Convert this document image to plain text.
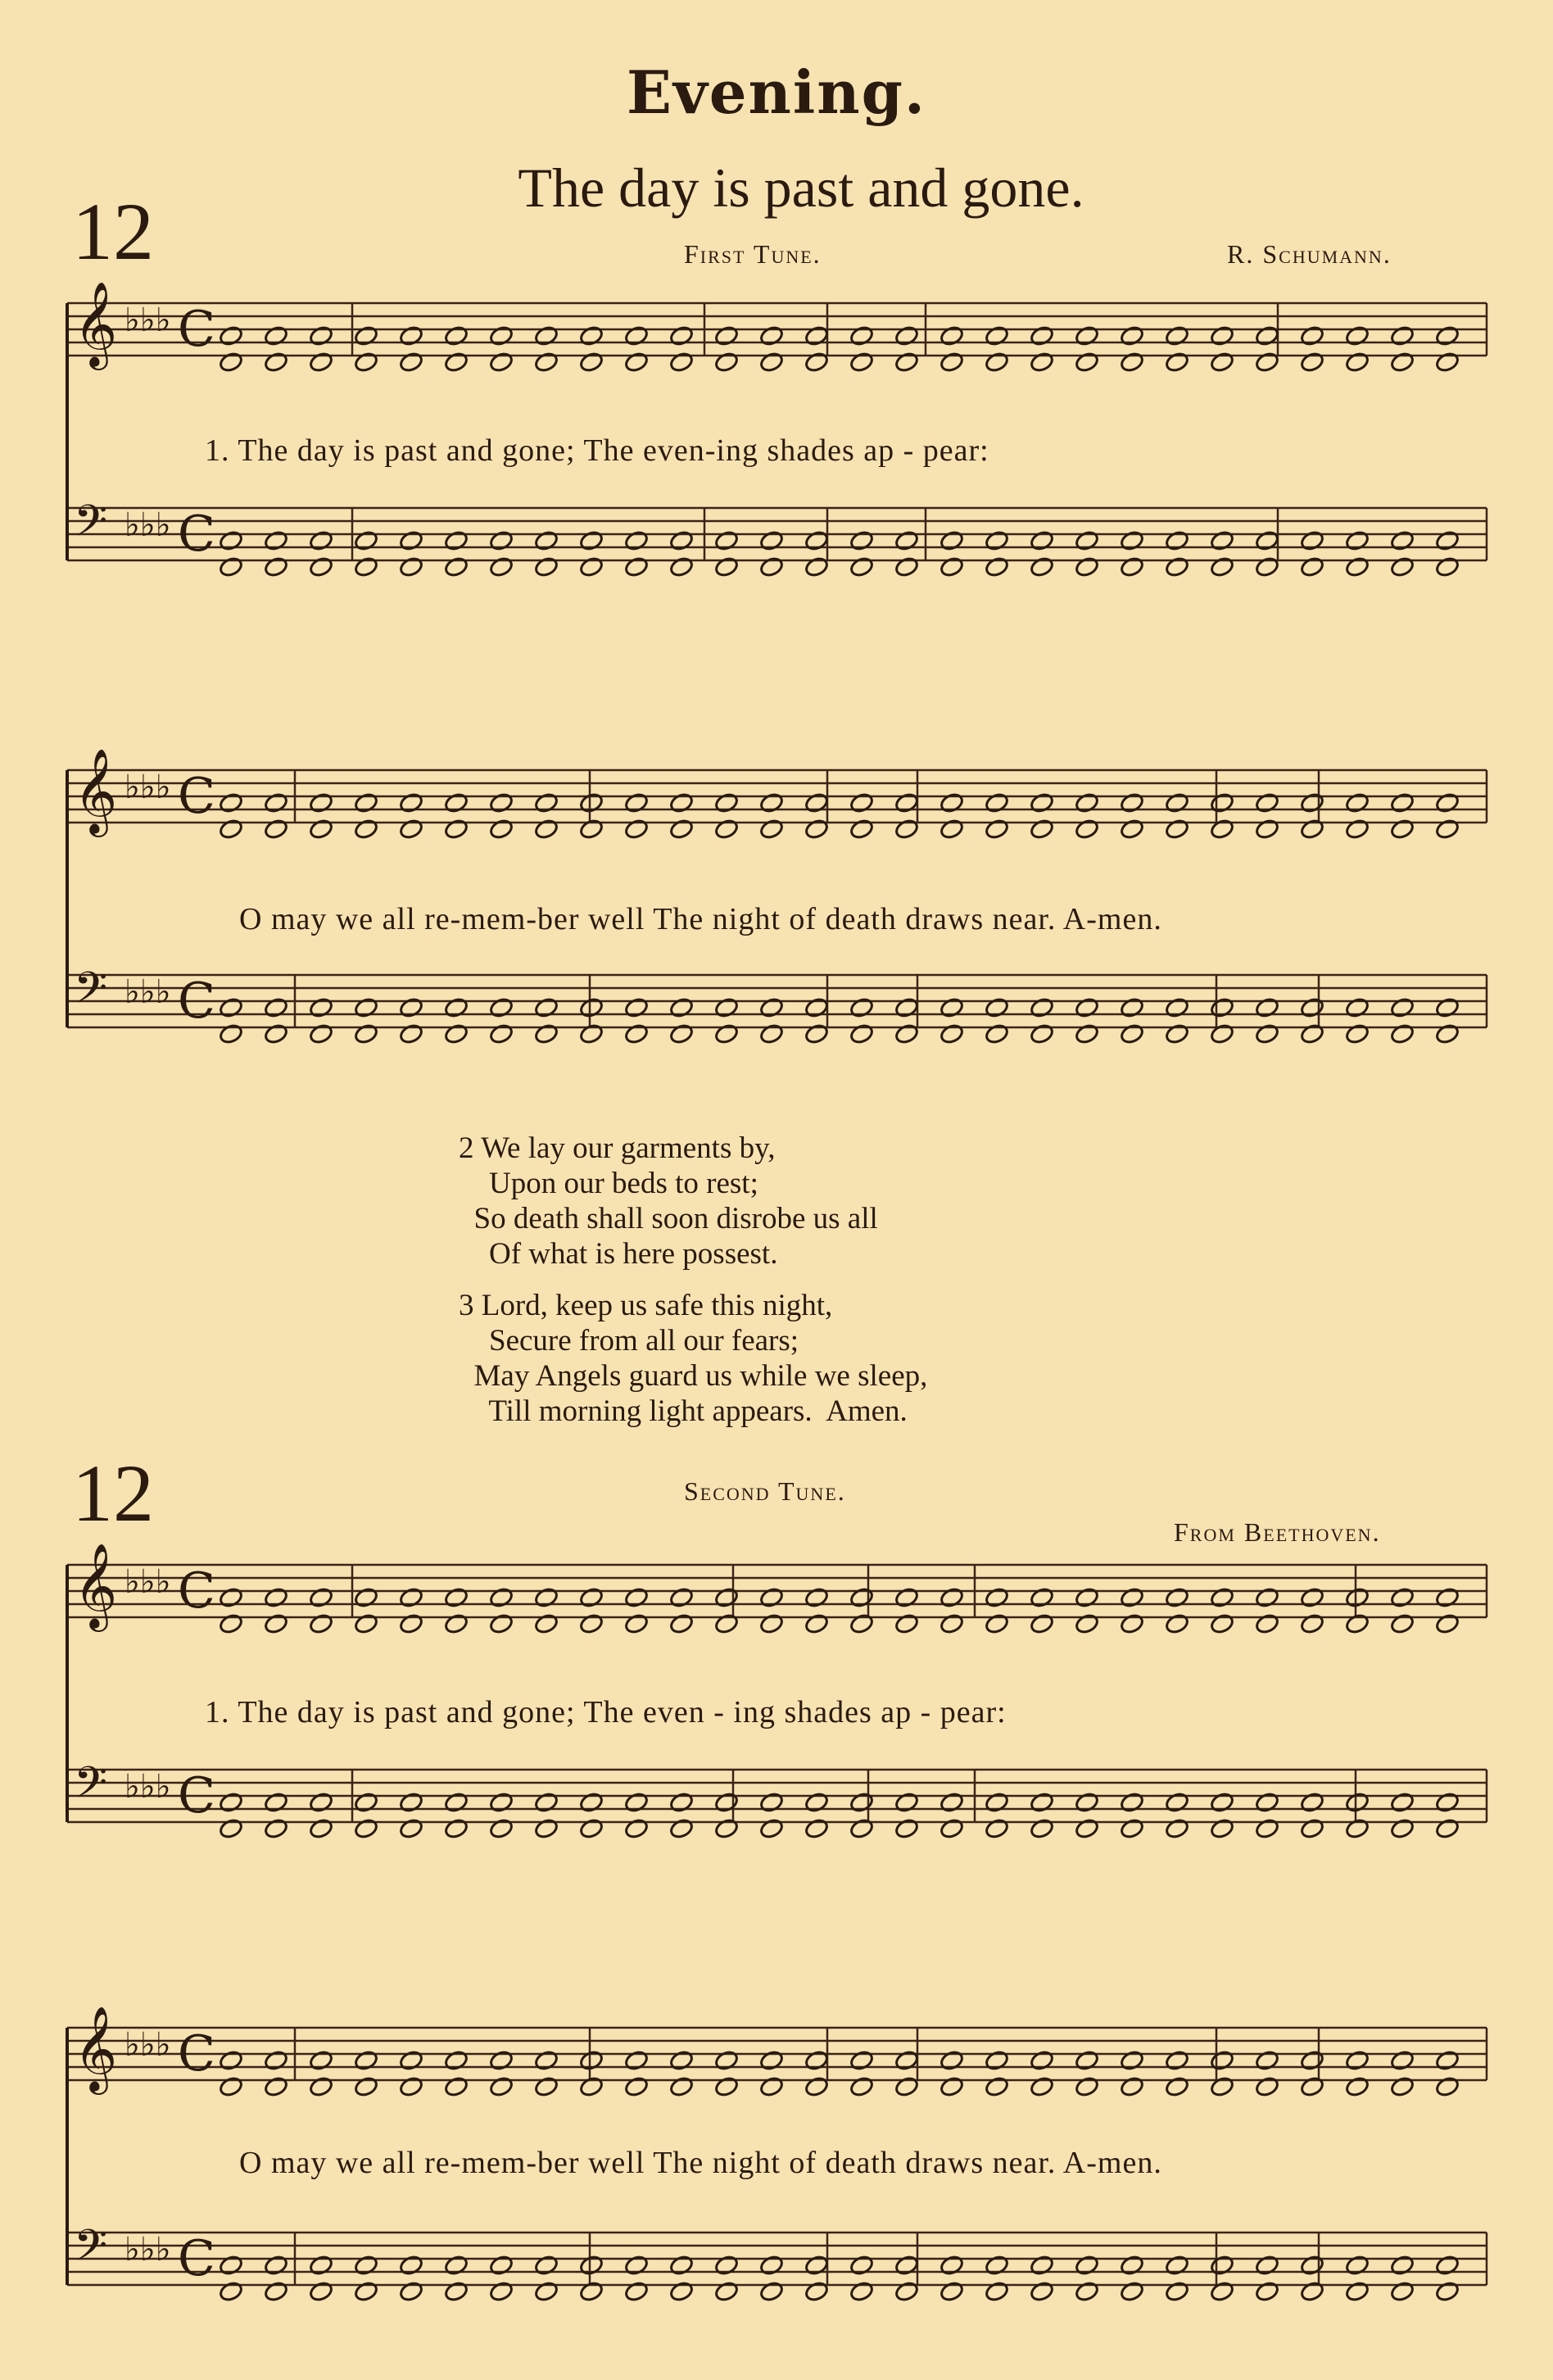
Evening.
12	The day is past and gone.
First Tune.	R. Schumann.
𝄞 ♭♭♭ C
𝄢 ♭♭♭ C
1. The day is past and gone; The even-ing shades ap - pear:
𝄞 ♭♭♭ C
𝄢 ♭♭♭ C
O may we all re-mem-ber well The night of death draws near. A-men.
2 We lay our garments by,
Upon our beds to rest;
So death shall soon disrobe us all
Of what is here possest.
3 Lord, keep us safe this night,
Secure from all our fears;
May Angels guard us while we sleep,
Till morning light appears.  Amen.
12	Second Tune.
From Beethoven.
𝄞 ♭♭♭ C
𝄢 ♭♭♭ C
1. The day is past and gone; The even - ing shades ap - pear:
𝄞 ♭♭♭ C
𝄢 ♭♭♭ C
O may we all re-mem-ber well The night of death draws near. A-men.
